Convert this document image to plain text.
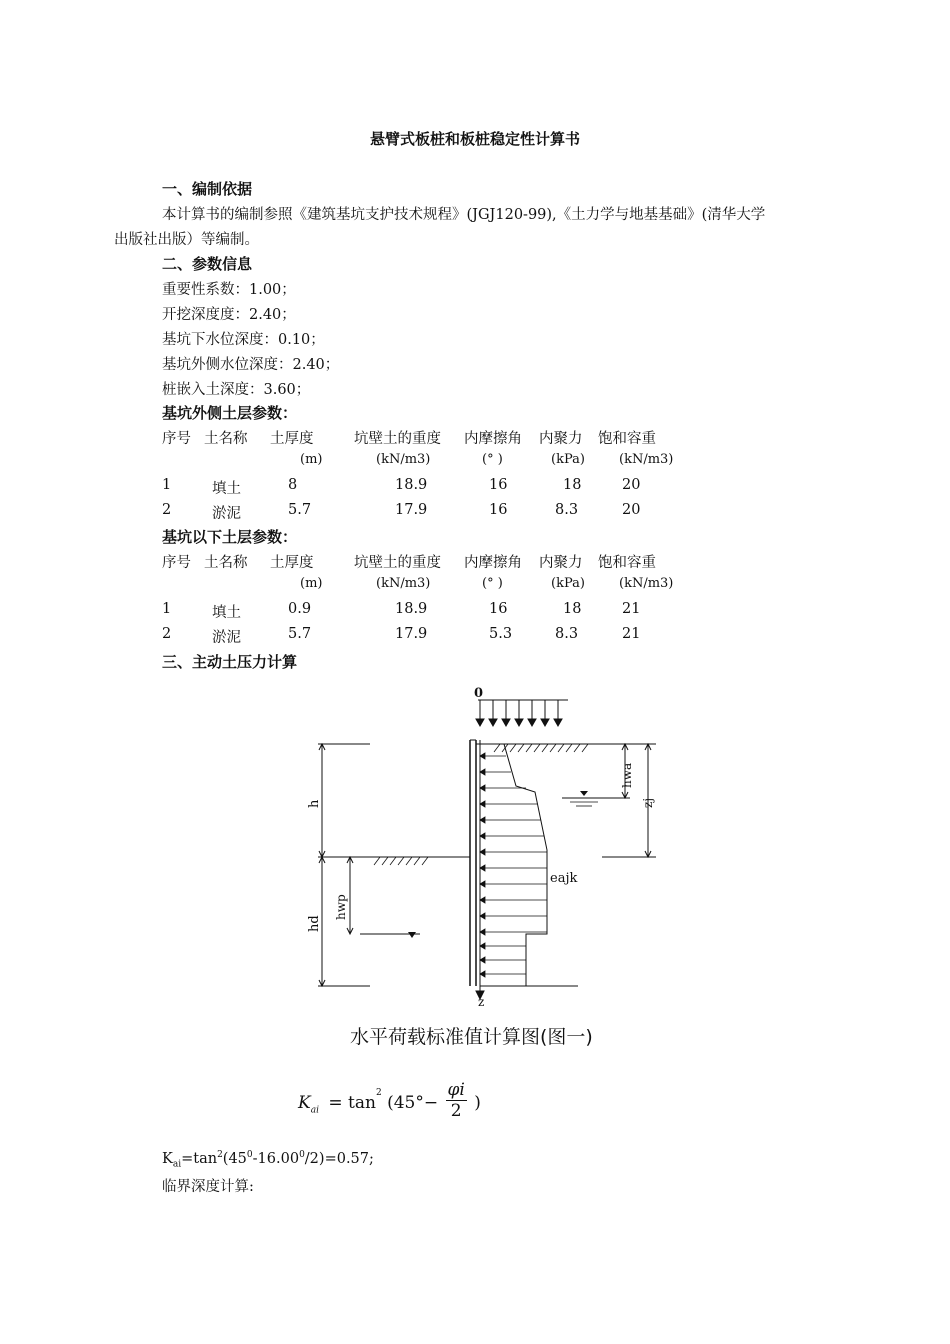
悬臂式板桩和板桩稳定性计算书
一、编制依据
本计算书的编制参照《建筑基坑支护技术规程》(JGJ120-99),《土力学与地基基础》(清华大学
出版社出版）等编制。
二、参数信息
重要性系数：1.00；
开挖深度度：2.40；
基坑下水位深度：0.10；
基坑外侧水位深度：2.40；
桩嵌入土深度：3.60；
基坑外侧土层参数：
序号 土名称 土厚度	坑壁土的重度 内摩擦角 内聚力 饱和容重
(m)	(kN/m3)	(° )	(kPa)	(kN/m3)
1	填土	8	18.9	16	18	20
2	淤泥	5.7	17.9	16	8.3	20
基坑以下土层参数：
序号 土名称 土厚度	坑壁土的重度 内摩擦角 内聚力 饱和容重
(m)	(kN/m3)	(° )	(kPa)	(kN/m3)
1	填土	0.9	18.9	16	18	21
2	淤泥	5.7	17.9	5.3	8.3	21
三、主动土压力计算
0
z
eajk
h
hd
hwp
hwa
zj
水平荷载标准值计算图(图一)
$K_{ai} = \tan^2 (45^\circ- \frac{\varphi i}{2}$ )
$K_{ai}=\tan^2(45^0-16.00^0/2)=0.57$;
临界深度计算:
